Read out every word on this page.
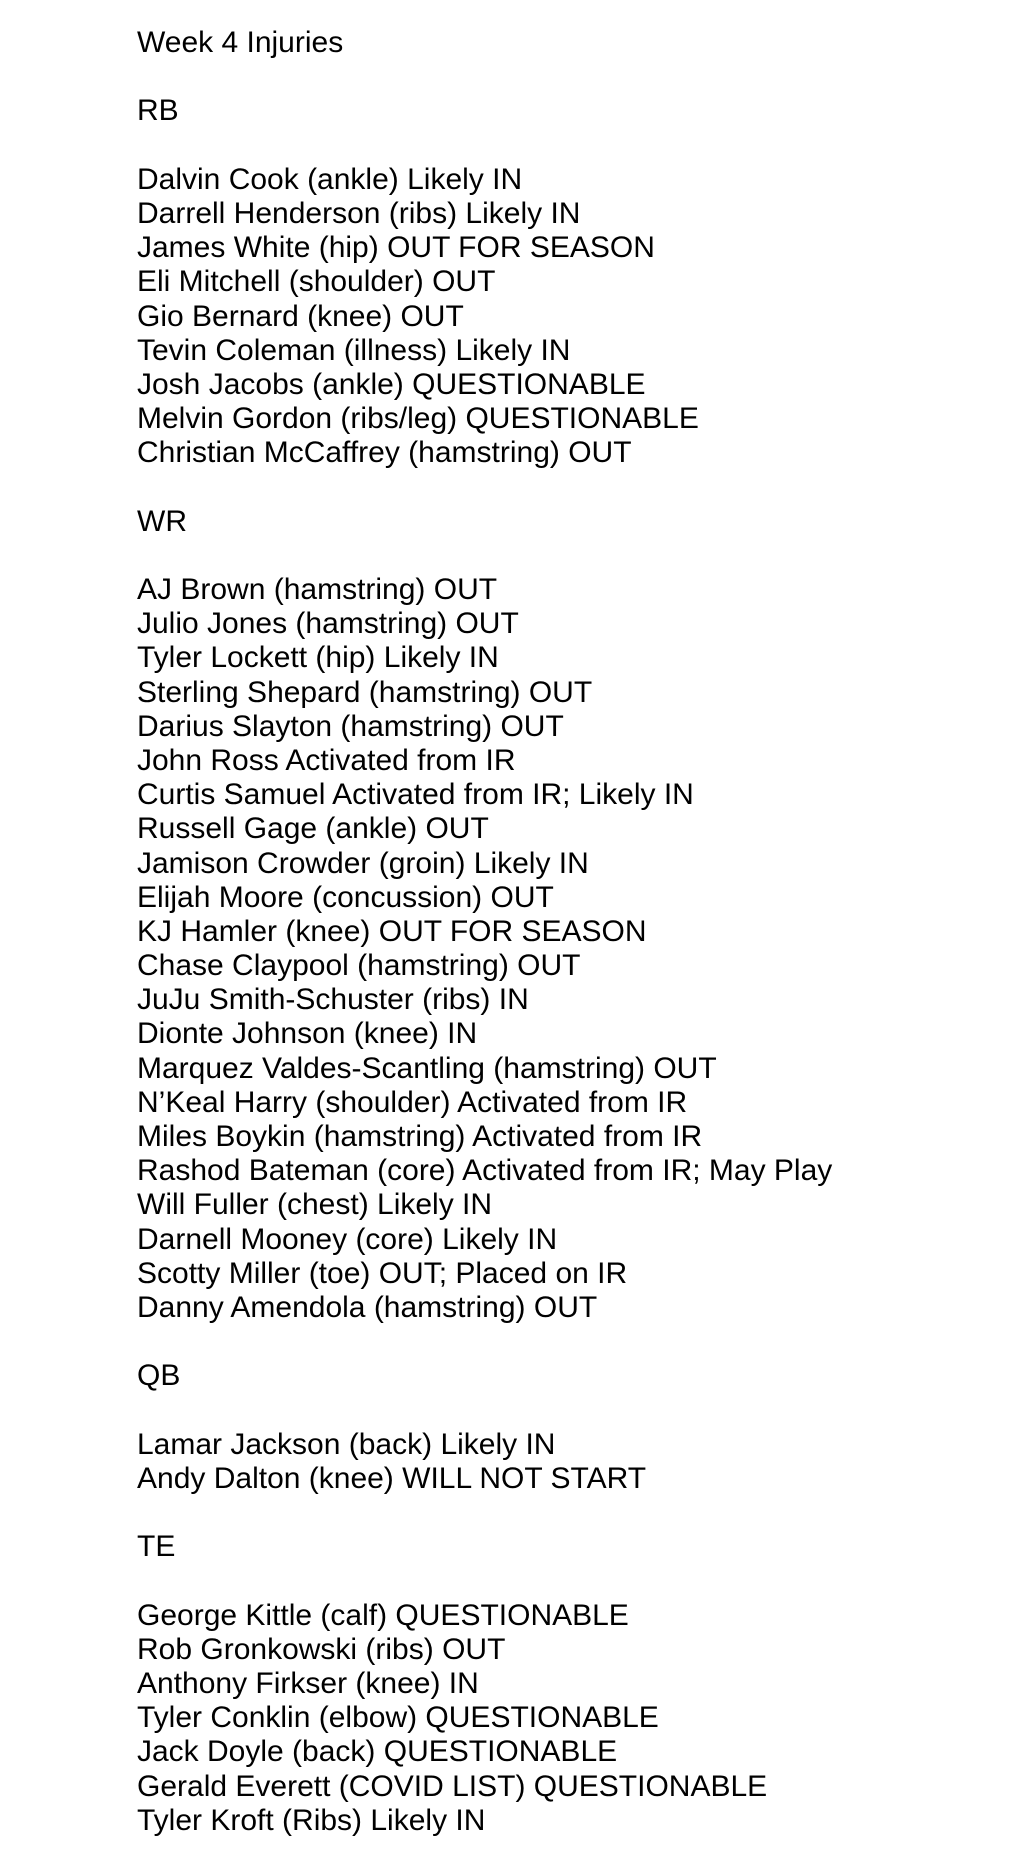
Week 4 Injuries
RB
Dalvin Cook (ankle) Likely IN
Darrell Henderson (ribs) Likely IN
James White (hip) OUT FOR SEASON
Eli Mitchell (shoulder) OUT
Gio Bernard (knee) OUT
Tevin Coleman (illness) Likely IN
Josh Jacobs (ankle) QUESTIONABLE
Melvin Gordon (ribs/leg) QUESTIONABLE
Christian McCaffrey (hamstring) OUT
WR
AJ Brown (hamstring) OUT
Julio Jones (hamstring) OUT
Tyler Lockett (hip) Likely IN
Sterling Shepard (hamstring) OUT
Darius Slayton (hamstring) OUT
John Ross Activated from IR
Curtis Samuel Activated from IR; Likely IN
Russell Gage (ankle) OUT
Jamison Crowder (groin) Likely IN
Elijah Moore (concussion) OUT
KJ Hamler (knee) OUT FOR SEASON
Chase Claypool (hamstring) OUT
JuJu Smith-Schuster (ribs) IN
Dionte Johnson (knee) IN
Marquez Valdes-Scantling (hamstring) OUT
N’Keal Harry (shoulder) Activated from IR
Miles Boykin (hamstring) Activated from IR
Rashod Bateman (core) Activated from IR; May Play
Will Fuller (chest) Likely IN
Darnell Mooney (core) Likely IN
Scotty Miller (toe) OUT; Placed on IR
Danny Amendola (hamstring) OUT
QB
Lamar Jackson (back) Likely IN
Andy Dalton (knee) WILL NOT START
TE
George Kittle (calf) QUESTIONABLE
Rob Gronkowski (ribs) OUT
Anthony Firkser (knee) IN
Tyler Conklin (elbow) QUESTIONABLE
Jack Doyle (back) QUESTIONABLE
Gerald Everett (COVID LIST) QUESTIONABLE
Tyler Kroft (Ribs) Likely IN
